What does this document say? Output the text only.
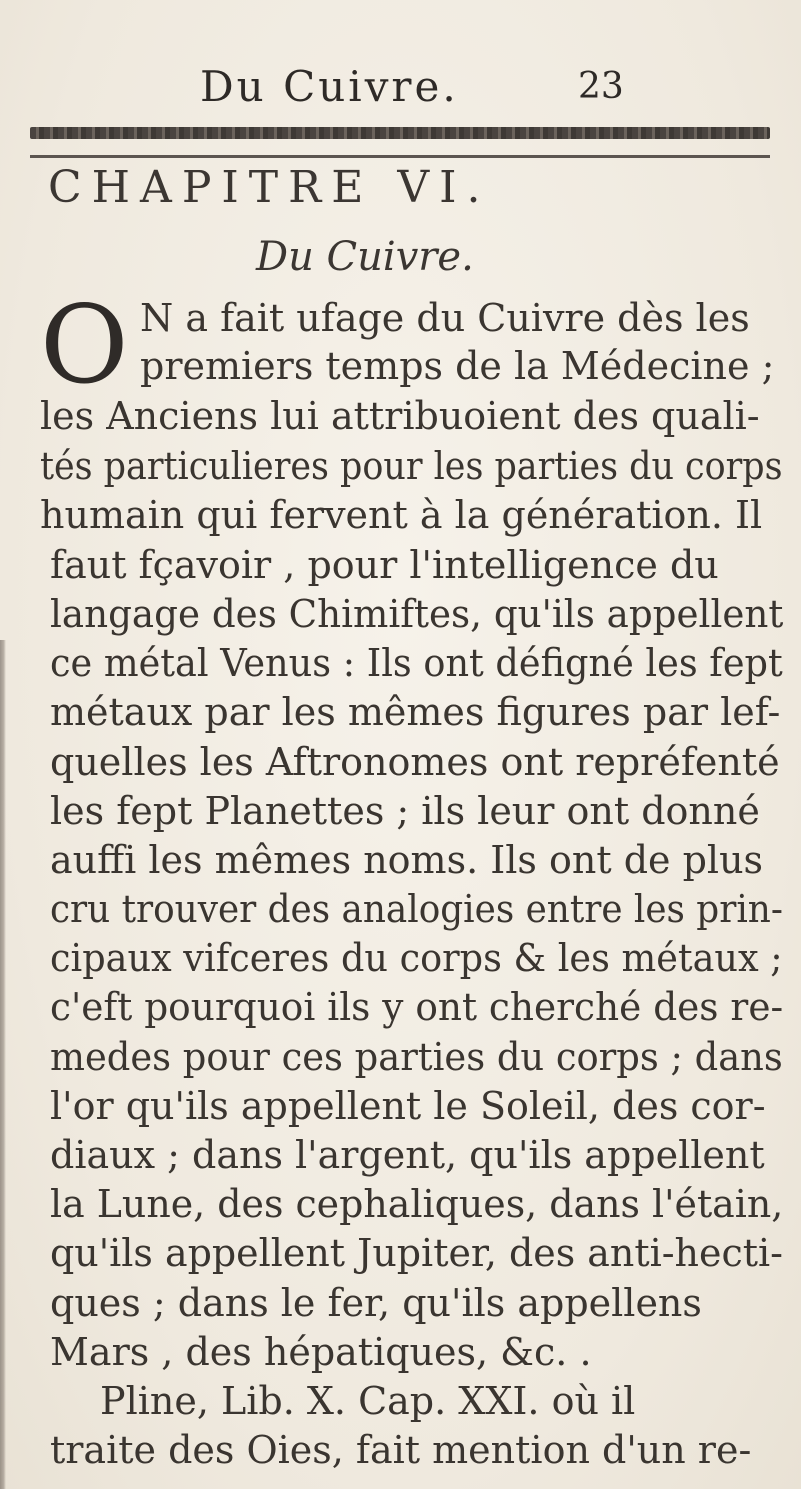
Du Cuivre.	23
CHAPITRE VI.
Du Cuivre.
O N a fait ufage du Cuivre dès les
premiers temps de la Médecine ;
les Anciens lui attribuoient des quali-
tés particulieres pour les parties du corps
humain qui fervent à la génération. Il
faut fçavoir , pour l'intelligence du
langage des Chimiftes, qu'ils appellent
ce métal Venus : Ils ont défigné les fept
métaux par les mêmes figures par lef-
quelles les Aftronomes ont repréfenté
les fept Planettes ; ils leur ont donné
auffi les mêmes noms. Ils ont de plus
cru trouver des analogies entre les prin-
cipaux vifceres du corps & les métaux ;
c'eft pourquoi ils y ont cherché des re-
medes pour ces parties du corps ; dans
l'or qu'ils appellent le Soleil, des cor-
diaux ; dans l'argent, qu'ils appellent
la Lune, des cephaliques, dans l'étain,
qu'ils appellent Jupiter, des anti-hecti-
ques ; dans le fer, qu'ils appellens
Mars , des hépatiques, &c. .
Pline, Lib. X. Cap. XXI. où il
traite des Oies, fait mention d'un re-
